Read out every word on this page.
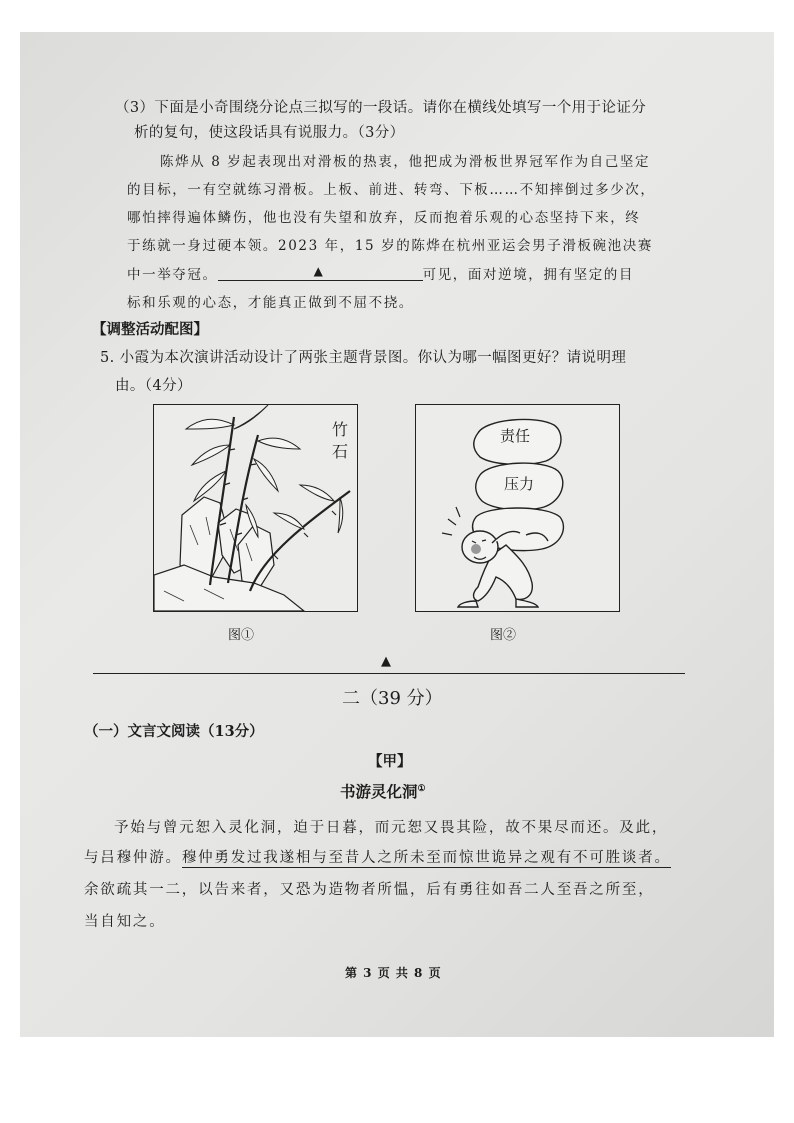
（3）下面是小奇围绕分论点三拟写的一段话。请你在横线处填写一个用于论证分
析的复句，使这段话具有说服力。（3分）
陈烨从 8 岁起表现出对滑板的热衷，他把成为滑板世界冠军作为自己坚定
的目标，一有空就练习滑板。上板、前进、转弯、下板……不知摔倒过多少次，
哪怕摔得遍体鳞伤，他也没有失望和放弃，反而抱着乐观的心态坚持下来，终
于练就一身过硬本领。2023 年，15 岁的陈烨在杭州亚运会男子滑板碗池决赛
中一举夺冠。	▲	可见，面对逆境，拥有坚定的目
标和乐观的心态，才能真正做到不屈不挠。
【调整活动配图】
5. 小霞为本次演讲活动设计了两张主题背景图。你认为哪一幅图更好？请说明理
由。（4分）
竹
石
图①
责任
压力
图②
▲
二（39 分）
（一）文言文阅读（13分）
【甲】
书游灵化洞①
予始与曾元恕入灵化洞，迫于日暮，而元恕又畏其险，故不果尽而还。及此，
与吕穆仲游。穆仲勇发过我遂相与至昔人之所未至而惊世诡异之观有不可胜谈者。
余欲疏其一二，以告来者，又恐为造物者所愠，后有勇往如吾二人至吾之所至，
当自知之。
第 3 页 共 8 页
